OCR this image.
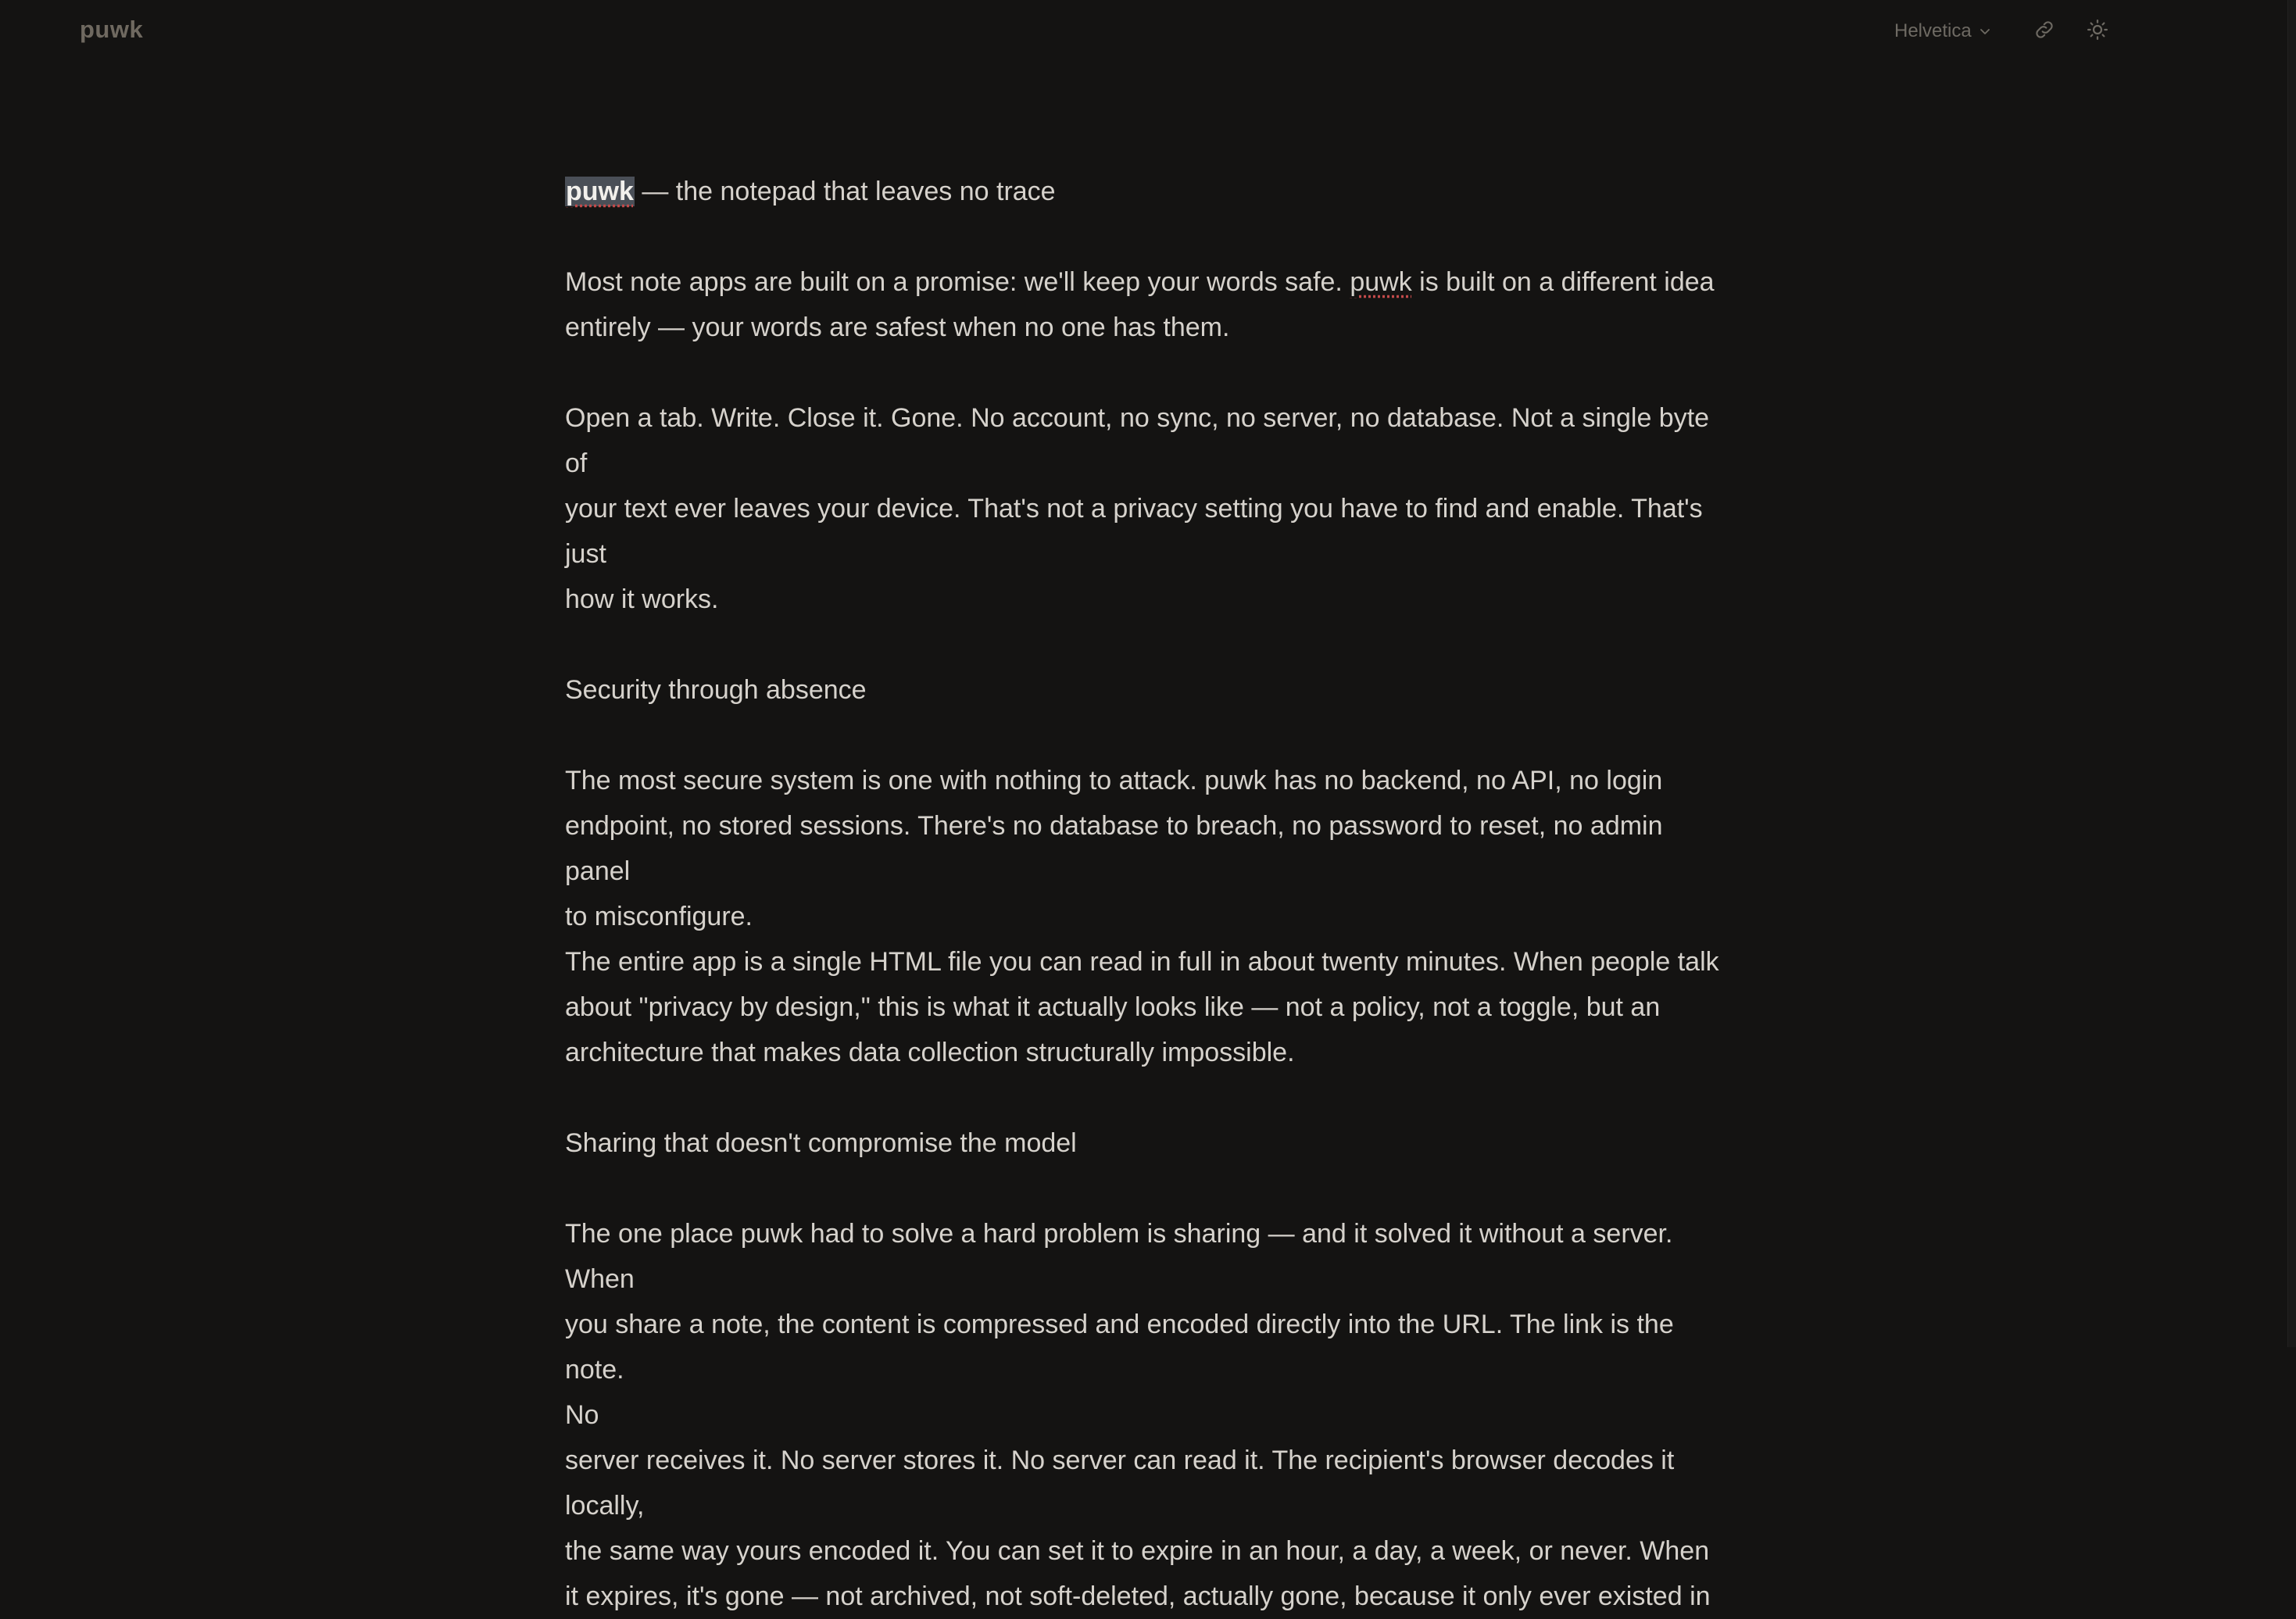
puwk	Helvetica

puwk — the notepad that leaves no trace

Most note apps are built on a promise: we'll keep your words safe. puwk is built on a different idea

entirely — your words are safest when no one has them.

Open a tab. Write. Close it. Gone. No account, no sync, no server, no database. Not a single byte of

your text ever leaves your device. That's not a privacy setting you have to find and enable. That's just

how it works.

Security through absence

The most secure system is one with nothing to attack. puwk has no backend, no API, no login

endpoint, no stored sessions. There's no database to breach, no password to reset, no admin panel

to misconfigure.

The entire app is a single HTML file you can read in full in about twenty minutes. When people talk

about "privacy by design," this is what it actually looks like — not a policy, not a toggle, but an

architecture that makes data collection structurally impossible.

Sharing that doesn't compromise the model

The one place puwk had to solve a hard problem is sharing — and it solved it without a server. When

you share a note, the content is compressed and encoded directly into the URL. The link is the note.

No

server receives it. No server stores it. No server can read it. The recipient's browser decodes it locally,

the same way yours encoded it. You can set it to expire in an hour, a day, a week, or never. When

it expires, it's gone — not archived, not soft-deleted, actually gone, because it only ever existed in
